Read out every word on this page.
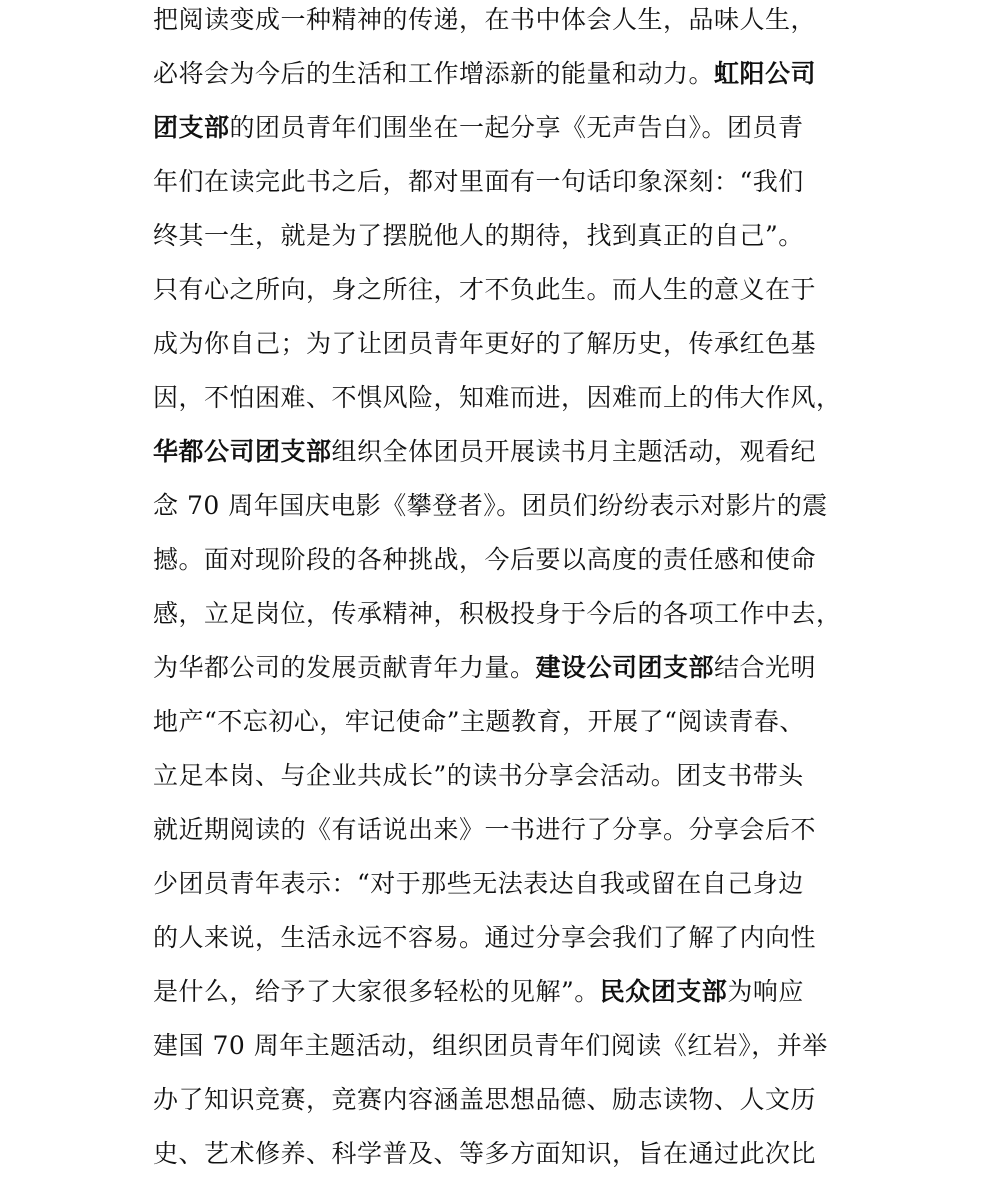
把阅读变成一种精神的传递，在书中体会人生，品味人生，
必将会为今后的生活和工作增添新的能量和动力。虹阳公司
团支部的团员青年们围坐在一起分享《无声告白》。团员青
年们在读完此书之后，都对里面有一句话印象深刻：“我们
终其一生，就是为了摆脱他人的期待，找到真正的自己”。
只有心之所向，身之所往，才不负此生。而人生的意义在于
成为你自己；为了让团员青年更好的了解历史，传承红色基
因，不怕困难、不惧风险，知难而进，因难而上的伟大作风，
华都公司团支部组织全体团员开展读书月主题活动，观看纪
念 70 周年国庆电影《攀登者》。团员们纷纷表示对影片的震
撼。面对现阶段的各种挑战，今后要以高度的责任感和使命
感，立足岗位，传承精神，积极投身于今后的各项工作中去，
为华都公司的发展贡献青年力量。建设公司团支部结合光明
地产“不忘初心，牢记使命”主题教育，开展了“阅读青春、
立足本岗、与企业共成长”的读书分享会活动。团支书带头
就近期阅读的《有话说出来》一书进行了分享。分享会后不
少团员青年表示：“对于那些无法表达自我或留在自己身边
的人来说，生活永远不容易。通过分享会我们了解了内向性
是什么，给予了大家很多轻松的见解”。民众团支部为响应
建国 70 周年主题活动，组织团员青年们阅读《红岩》，并举
办了知识竞赛，竞赛内容涵盖思想品德、励志读物、人文历
史、艺术修养、科学普及、等多方面知识，旨在通过此次比
